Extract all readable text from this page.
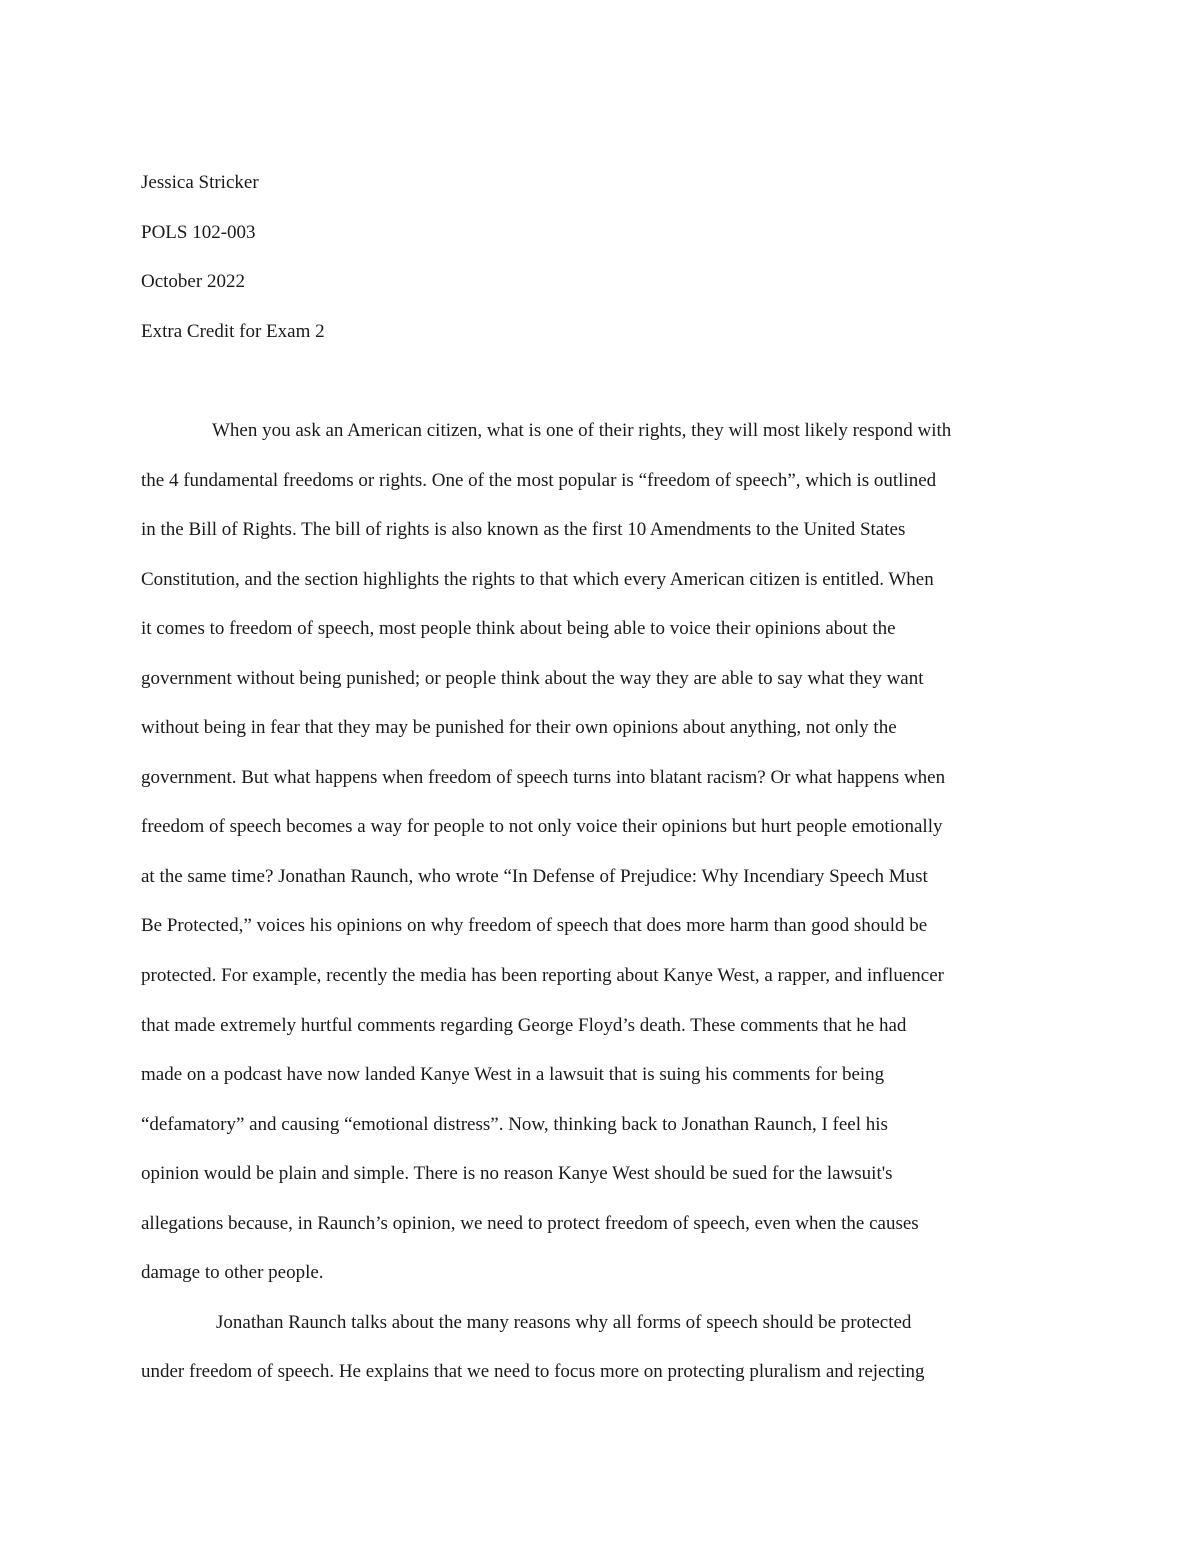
Jessica Stricker
POLS 102-003
October 2022
Extra Credit for Exam 2
When you ask an American citizen, what is one of their rights, they will most likely respond with
the 4 fundamental freedoms or rights. One of the most popular is “freedom of speech”, which is outlined
in the Bill of Rights. The bill of rights is also known as the first 10 Amendments to the United States
Constitution, and the section highlights the rights to that which every American citizen is entitled. When
it comes to freedom of speech, most people think about being able to voice their opinions about the
government without being punished; or people think about the way they are able to say what they want
without being in fear that they may be punished for their own opinions about anything, not only the
government. But what happens when freedom of speech turns into blatant racism? Or what happens when
freedom of speech becomes a way for people to not only voice their opinions but hurt people emotionally
at the same time? Jonathan Raunch, who wrote “In Defense of Prejudice: Why Incendiary Speech Must
Be Protected,” voices his opinions on why freedom of speech that does more harm than good should be
protected. For example, recently the media has been reporting about Kanye West, a rapper, and influencer
that made extremely hurtful comments regarding George Floyd’s death. These comments that he had
made on a podcast have now landed Kanye West in a lawsuit that is suing his comments for being
“defamatory” and causing “emotional distress”. Now, thinking back to Jonathan Raunch, I feel his
opinion would be plain and simple. There is no reason Kanye West should be sued for the lawsuit's
allegations because, in Raunch’s opinion, we need to protect freedom of speech, even when the causes
damage to other people.
Jonathan Raunch talks about the many reasons why all forms of speech should be protected
under freedom of speech. He explains that we need to focus more on protecting pluralism and rejecting
